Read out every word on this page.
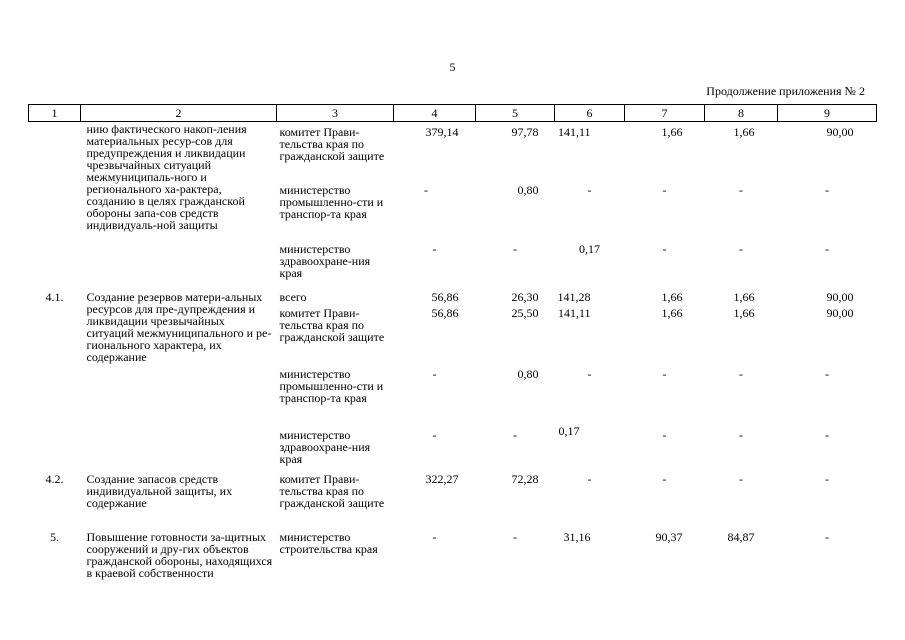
5
Продолжение приложения № 2
1	2	3	4	5	6	7	8	9
	нию фактического накоп-ления материальных ресур-сов для предупреждения и ликвидации чрезвычайных ситуаций межмуниципаль-ного и регионального ха-рактера, созданию в целях гражданской обороны запа-сов средств индивидуаль-ной защиты	комитет Прави-тельства края по гражданской защите	379,14	97,78	141,11	1,66	1,66	90,00
		министерство промышленно-сти и транспор-та края	-	0,80	-	-	-	-
		министерство здравоохране-ния края	-	-	0,17	-	-	-
4.1.	Создание резервов матери-альных ресурсов для пре-дупреждения и ликвидации чрезвычайных ситуаций межмуниципального и ре-гионального характера, их содержание	всего	56,86	26,30	141,28	1,66	1,66	90,00
		комитет Прави-тельства края по гражданской защите	56,86	25,50	141,11	1,66	1,66	90,00
		министерство промышленно-сти и транспор-та края	-	0,80	-	-	-	-
		министерство здравоохране-ния края	-	-	0,17	-	-	-
4.2.	Создание запасов средств индивидуальной защиты, их содержание	комитет Прави-тельства края по гражданской защите	322,27	72,28	-	-	-	-
5.	Повышение готовности за-щитных сооружений и дру-гих объектов гражданской обороны, находящихся в краевой собственности	министерство строительства края	-	-	31,16	90,37	84,87	-
